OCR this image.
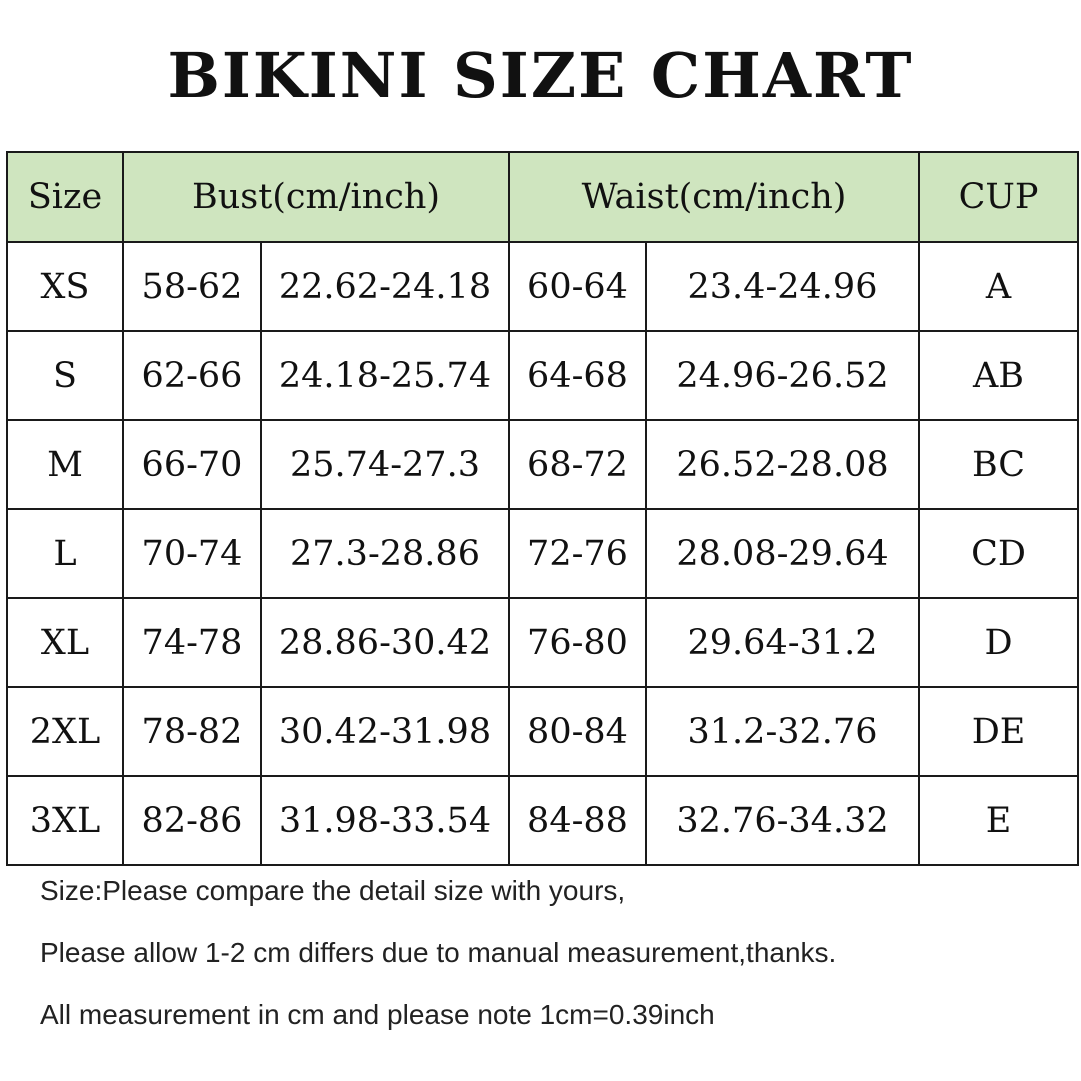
BIKINI SIZE CHART
Size	Bust(cm/inch)		Waist(cm/inch)		CUP
XS	58-62	22.62-24.18	60-64	23.4-24.96	A
S	62-66	24.18-25.74	64-68	24.96-26.52	AB
M	66-70	25.74-27.3	68-72	26.52-28.08	BC
L	70-74	27.3-28.86	72-76	28.08-29.64	CD
XL	74-78	28.86-30.42	76-80	29.64-31.2	D
2XL	78-82	30.42-31.98	80-84	31.2-32.76	DE
3XL	82-86	31.98-33.54	84-88	32.76-34.32	E
Size:Please compare the detail size with yours,
Please allow 1-2 cm differs due to manual measurement,thanks.
All measurement in cm and please note 1cm=0.39inch
